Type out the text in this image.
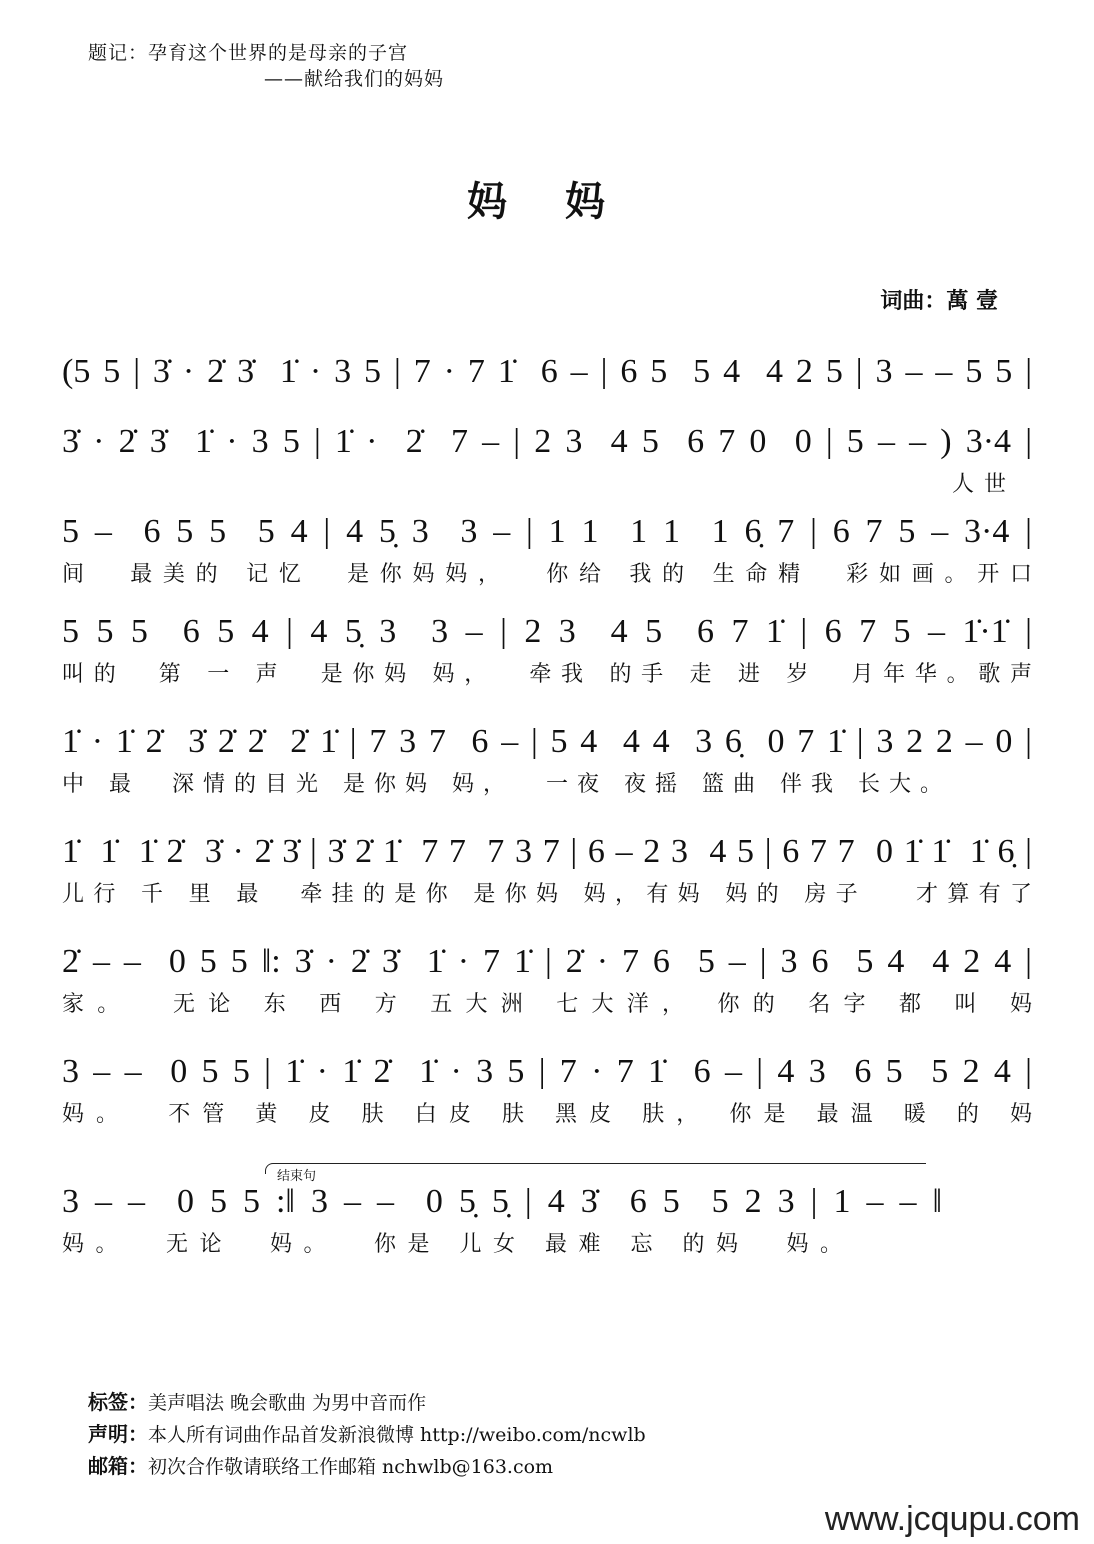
题记：孕育这个世界的是母亲的子宫
——献给我们的妈妈
妈 妈
词曲：萬 壹
(5 5 | 3̇ · 2̇ 3̇  1̇ · 3 5 | 7 · 7 1̇  6 – | 6 5  5 4  4 2 5 | 3 – – 5 5 |
3̇ · 2̇ 3̇  1̇ · 3 5 | 1̇ ·  2̇  7 – | 2 3  4 5  6 7 0  0 | 5 – – ) 3·4 |
人世
5 –  6 5 5  5 4 | 4 5̣ 3  3 – | 1 1  1 1  1 6̣ 7 | 6 7 5 – 3·4 |
间  最美的 记忆  是你妈妈，  你给 我的 生命精  彩如画。开口
5 5 5  6 5 4 | 4 5̣ 3  3 – | 2 3  4 5  6 7 1̇ | 6 7 5 – 1̇·1̇ |
叫的  第 一 声  是你妈 妈，  牵我 的手 走 进 岁  月年华。歌声
1̇ · 1̇ 2̇  3̇ 2̇ 2̇  2̇ 1̇ | 7 3 7  6 – | 5 4  4 4  3 6̣  0 7 1̇ | 3 2 2 – 0 |
中 最  深情的目光 是你妈 妈，  一夜 夜摇 篮曲 伴我 长大。
1̇  1̇  1̇ 2̇  3̇ · 2̇ 3̇ | 3̇ 2̇ 1̇  7 7  7 3 7 | 6 – 2 3  4 5 | 6 7 7  0 1̇ 1̇  1̇ 6̣ |
儿行 千 里 最  牵挂的是你 是你妈 妈，有妈 妈的 房子   才算有了
2̇ – –  0 5 5 ‖: 3̇ · 2̇ 3̇  1̇ · 7 1̇ | 2̇ · 7 6  5 – | 3 6  5 4  4 2 4 |
家。  无论 东 西 方 五大洲 七大洋， 你的 名字 都 叫 妈
3 – –  0 5 5 | 1̇ · 1̇ 2̇  1̇ · 3 5 | 7 · 7 1̇  6 – | 4 3  6 5  5 2 4 |
妈。  不管 黄 皮 肤 白皮 肤 黑皮 肤， 你是 最温 暖 的 妈
结束句
3 – –  0 5 5 :‖ 3 – –  0 5̣ 5̣ | 4 3̇  6 5  5 2 3 | 1 – – ‖
妈。  无论  妈。  你是 儿女 最难 忘 的妈  妈。
标签：美声唱法 晚会歌曲 为男中音而作
声明：本人所有词曲作品首发新浪微博 http://weibo.com/ncwlb
邮箱：初次合作敬请联络工作邮箱 nchwlb@163.com
www.jcqupu.com
